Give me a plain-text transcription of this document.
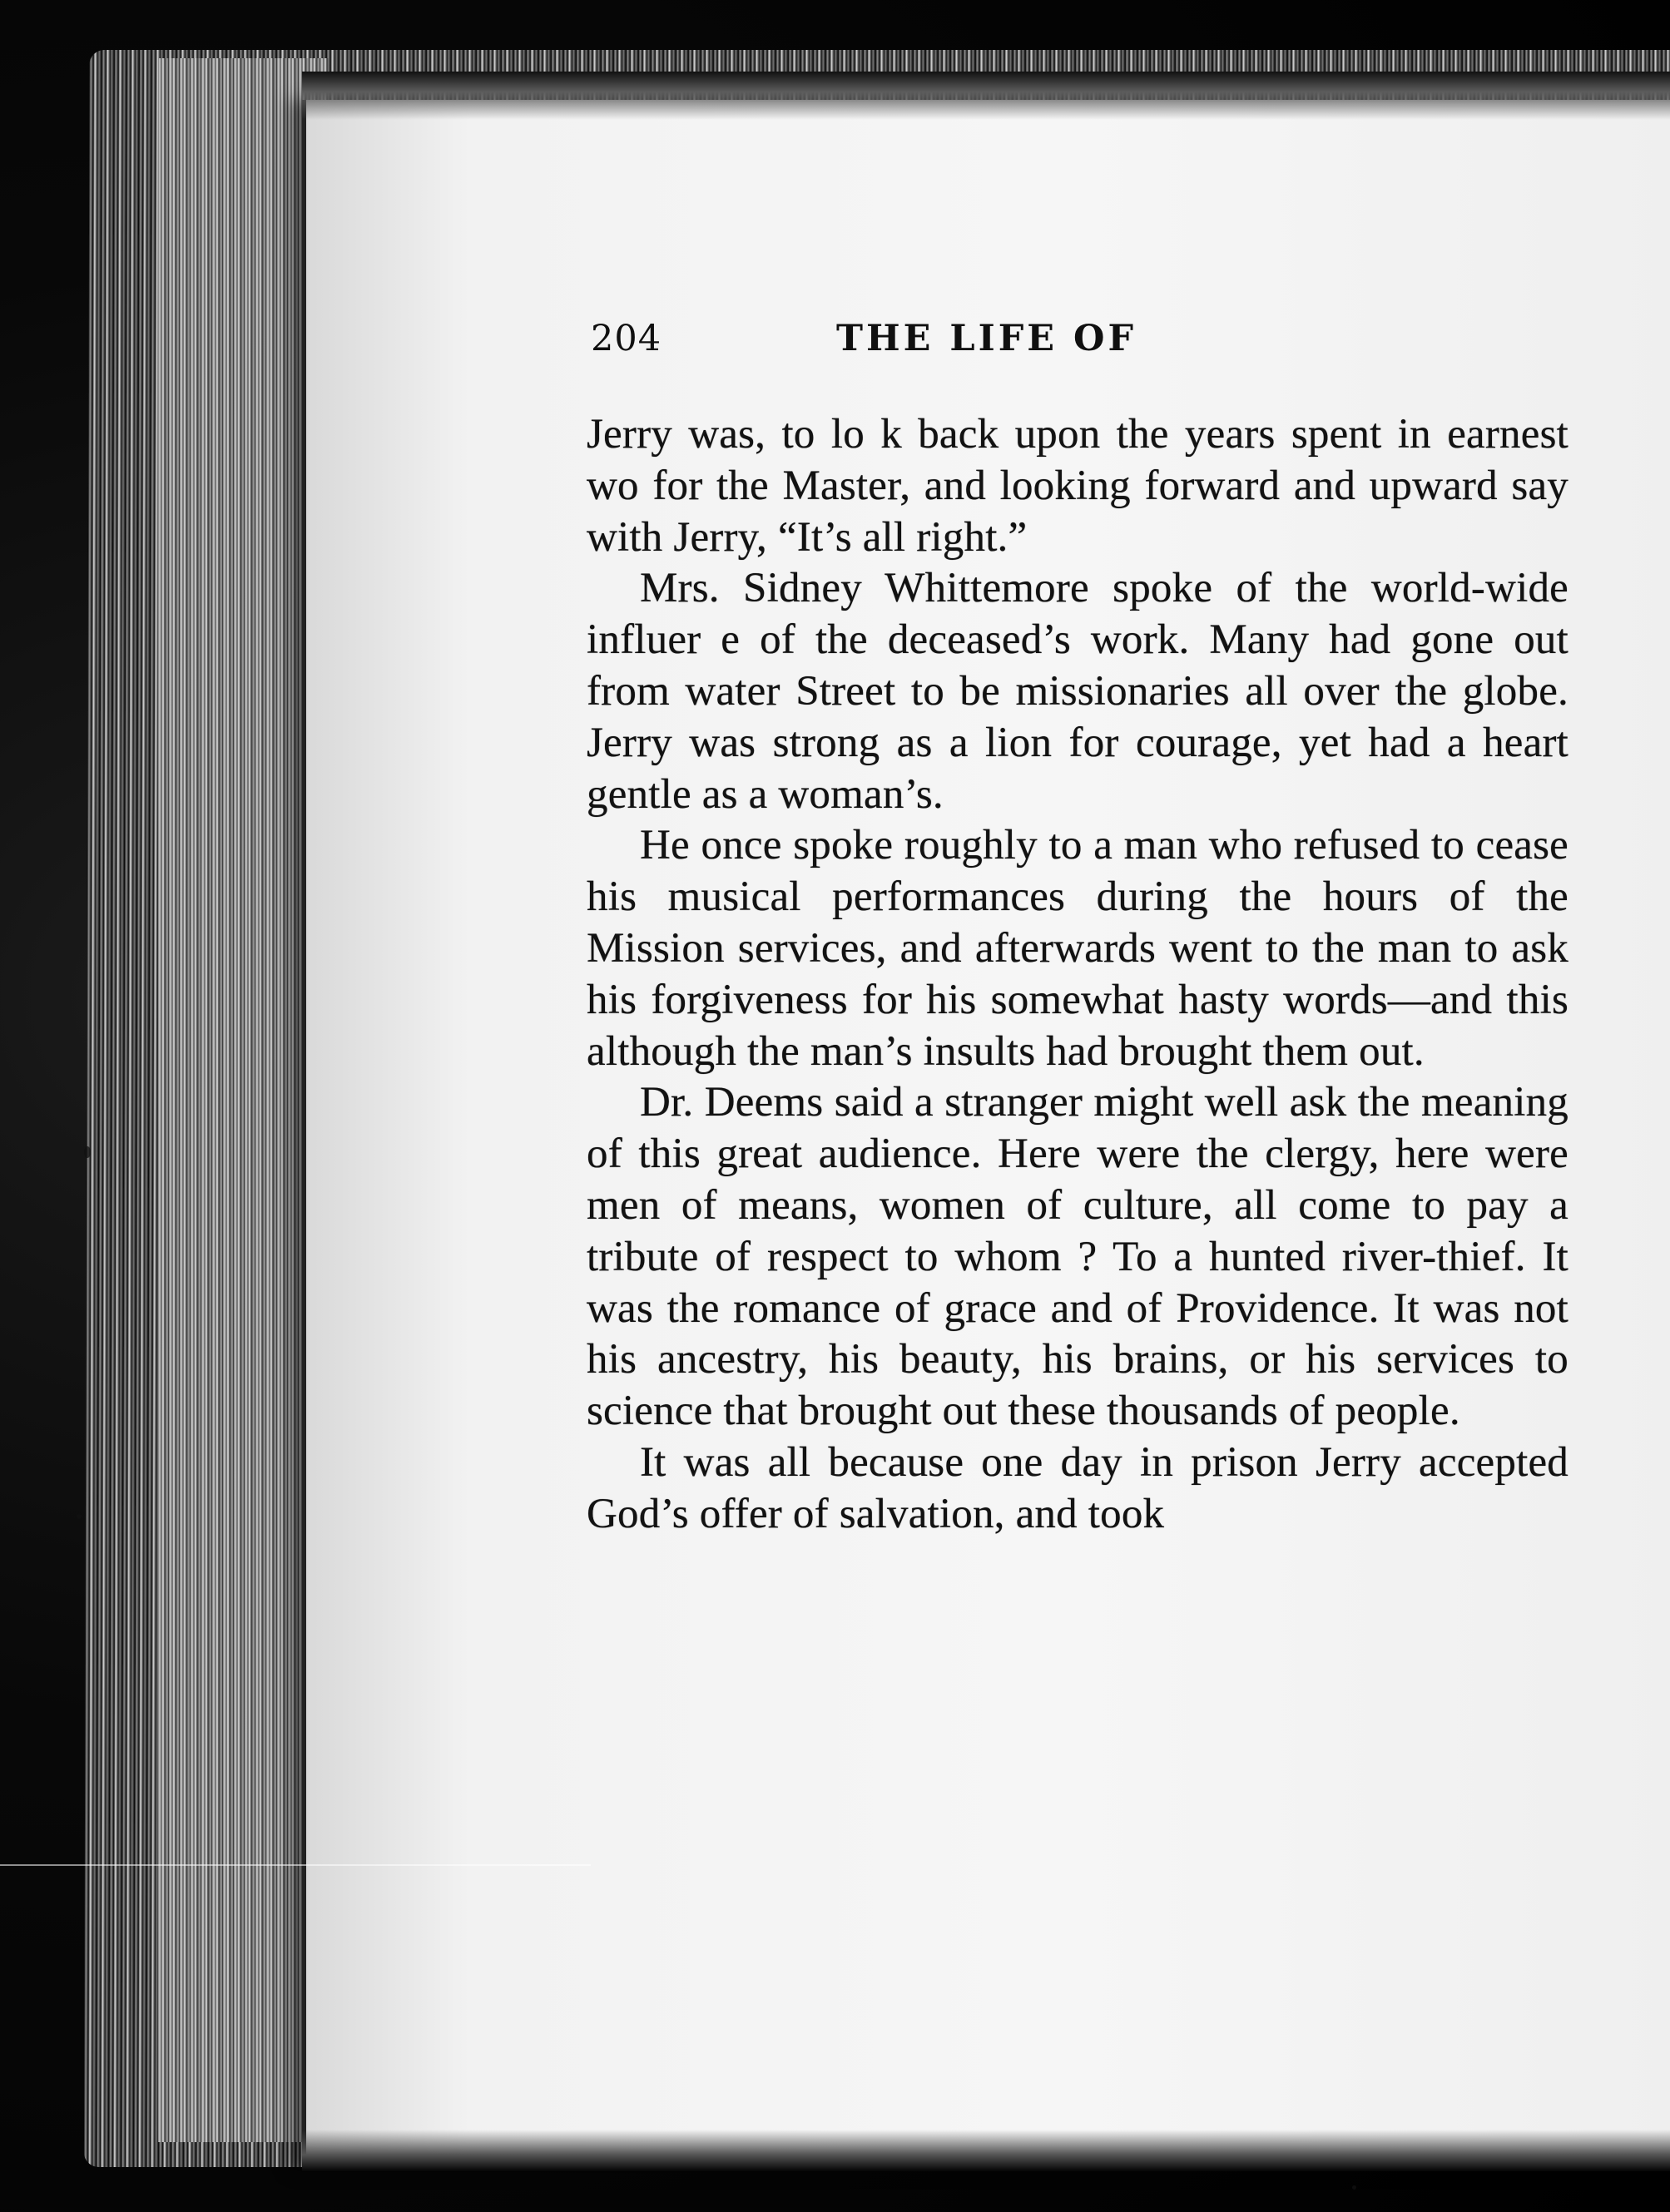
204	THE LIFE OF

Jerry was, to lo k back upon the years spent in earnest wo for the Master, and looking forward and upward say with Jerry, “It’s all right.”

Mrs. Sidney Whittemore spoke of the world-wide influer e of the deceased’s work. Many had gone out from water Street to be missionaries all over the globe. Jerry was strong as a lion for courage, yet had a heart gentle as a woman’s.

He once spoke roughly to a man who refused to cease his musical performances during the hours of the Mission services, and afterwards went to the man to ask his forgiveness for his somewhat hasty words—and this although the man’s insults had brought them out.

Dr. Deems said a stranger might well ask the meaning of this great audience. Here were the clergy, here were men of means, women of culture, all come to pay a tribute of respect to whom ? To a hunted river-thief. It was the romance of grace and of Providence. It was not his ancestry, his beauty, his brains, or his services to science that brought out these thousands of people.

It was all because one day in prison Jerry accepted God’s offer of salvation, and took
